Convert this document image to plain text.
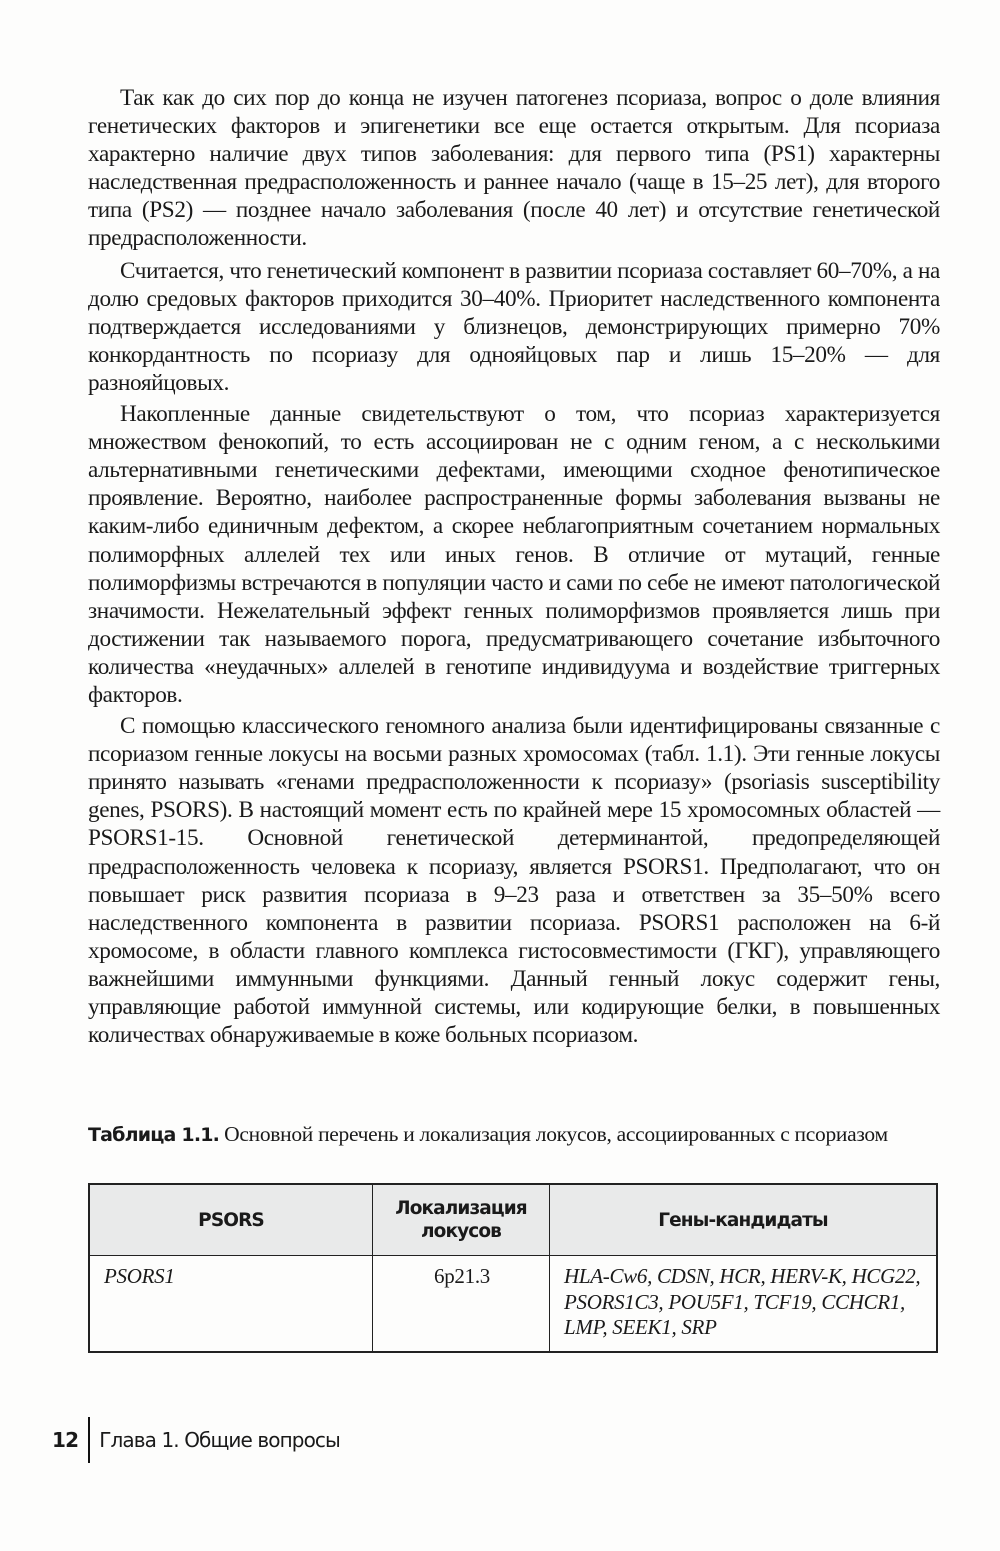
Так как до сих пор до конца не изучен патогенез псориаза, вопрос о доле влияния генетических факторов и эпигенетики все еще остается открытым. Для псориаза характерно наличие двух типов заболевания: для первого типа (PS1) характерны наследственная предрасположенность и раннее начало (чаще в 15–25 лет), для второго типа (PS2) — позднее начало заболевания (после 40 лет) и отсутствие генетической предрасположенности.

Считается, что генетический компонент в развитии псориаза составляет 60–70%, а на долю средовых факторов приходится 30–40%. Приоритет наследственного компонента подтверждается исследованиями у близнецов, демонстрирующих примерно 70% конкордантность по псориазу для однояйцовых пар и лишь 15–20% — для разнояйцовых.

Накопленные данные свидетельствуют о том, что псориаз характеризуется множеством фенокопий, то есть ассоциирован не с одним геном, а с несколькими альтернативными генетическими дефектами, имеющими сходное фенотипическое проявление. Вероятно, наиболее распространенные формы заболевания вызваны не каким-либо единичным дефектом, а скорее неблагоприятным сочетанием нормальных полиморфных аллелей тех или иных генов. В отличие от мутаций, генные полиморфизмы встречаются в популяции часто и сами по себе не имеют патологической значимости. Нежелательный эффект генных полиморфизмов проявляется лишь при достижении так называемого порога, предусматривающего сочетание избыточного количества «неудачных» аллелей в генотипе индивидуума и воздействие триггерных факторов.

С помощью классического геномного анализа были идентифицированы связанные с псориазом генные локусы на восьми разных хромосомах (табл. 1.1). Эти генные локусы принято называть «генами предрасположенности к псориазу» (psoriasis susceptibility genes, PSORS). В настоящий момент есть по крайней мере 15 хромосомных областей — PSORS1-15. Основной генетической детерминантой, предопределяющей предрасположенность человека к псориазу, является PSORS1. Предполагают, что он повышает риск развития псориаза в 9–23 раза и ответствен за 35–50% всего наследственного компонента в развитии псориаза. PSORS1 расположен на 6-й хромосоме, в области главного комплекса гистосовместимости (ГКГ), управляющего важнейшими иммунными функциями. Данный генный локус содержит гены, управляющие работой иммунной системы, или кодирующие белки, в повышенных количествах обнаруживаемые в коже больных псориазом.

Таблица 1.1. Основной перечень и локализация локусов, ассоциированных с псориазом
PSORS	Локализация локусов	Гены-кандидаты
PSORS1	6p21.3	HLA-Cw6, CDSN, HCR, HERV-K, HCG22, PSORS1C3, POU5F1, TCF19, CCHCR1, LMP, SEEK1, SRP
12 Глава 1. Общие вопросы
